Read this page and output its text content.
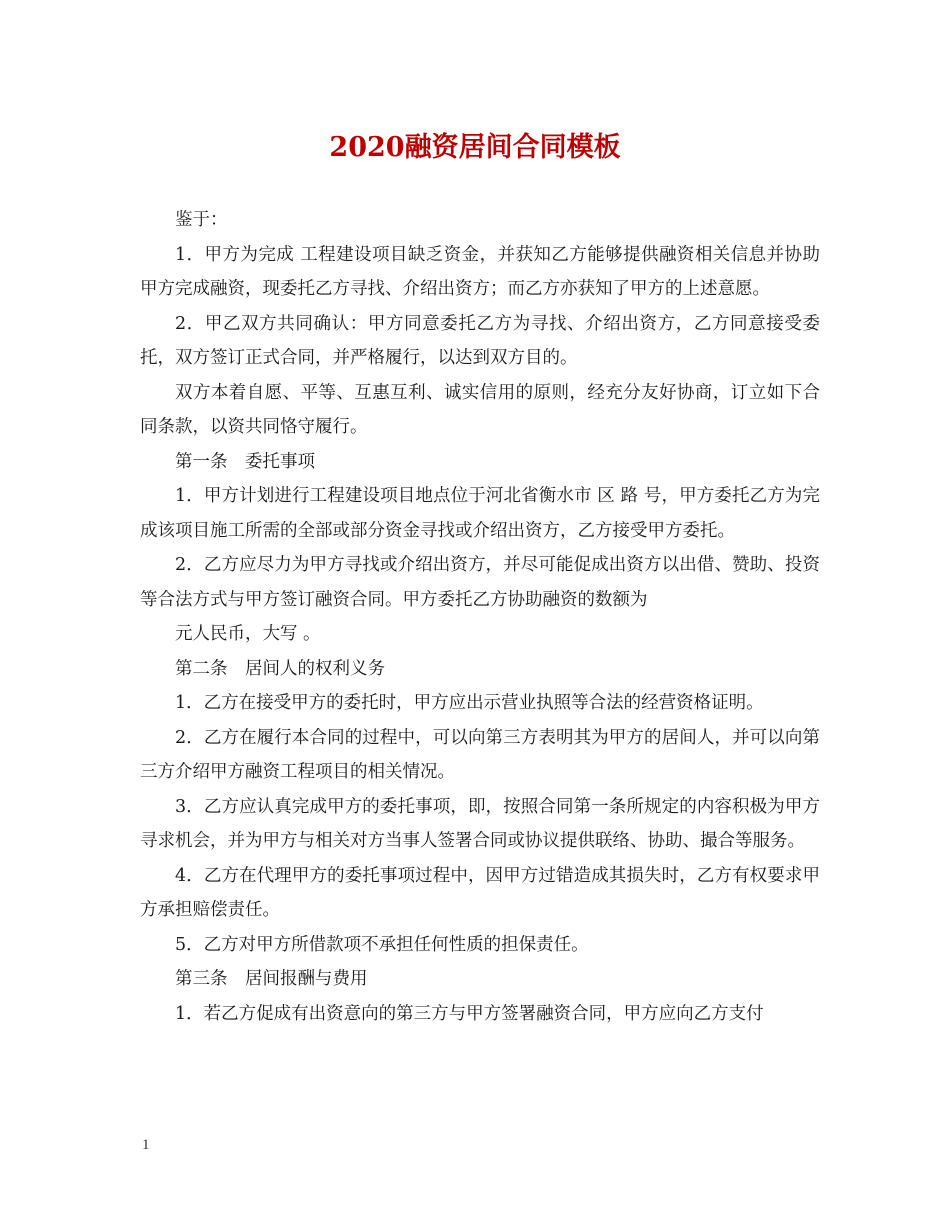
2020融资居间合同模板

鉴于：

1．甲方为完成 工程建设项目缺乏资金，并获知乙方能够提供融资相关信息并协助甲方完成融资，现委托乙方寻找、介绍出资方；而乙方亦获知了甲方的上述意愿。

2．甲乙双方共同确认：甲方同意委托乙方为寻找、介绍出资方，乙方同意接受委托，双方签订正式合同，并严格履行，以达到双方目的。

双方本着自愿、平等、互惠互利、诚实信用的原则，经充分友好协商，订立如下合同条款，以资共同恪守履行。

第一条　委托事项

1．甲方计划进行工程建设项目地点位于河北省衡水市 区 路 号，甲方委托乙方为完成该项目施工所需的全部或部分资金寻找或介绍出资方，乙方接受甲方委托。

2．乙方应尽力为甲方寻找或介绍出资方，并尽可能促成出资方以出借、赞助、投资等合法方式与甲方签订融资合同。甲方委托乙方协助融资的数额为

元人民币，大写 。

第二条　居间人的权利义务

1．乙方在接受甲方的委托时，甲方应出示营业执照等合法的经营资格证明。

2．乙方在履行本合同的过程中，可以向第三方表明其为甲方的居间人，并可以向第三方介绍甲方融资工程项目的相关情况。

3．乙方应认真完成甲方的委托事项，即，按照合同第一条所规定的内容积极为甲方寻求机会，并为甲方与相关对方当事人签署合同或协议提供联络、协助、撮合等服务。

4．乙方在代理甲方的委托事项过程中，因甲方过错造成其损失时，乙方有权要求甲方承担赔偿责任。

5．乙方对甲方所借款项不承担任何性质的担保责任。

第三条　居间报酬与费用

1．若乙方促成有出资意向的第三方与甲方签署融资合同，甲方应向乙方支付

1
